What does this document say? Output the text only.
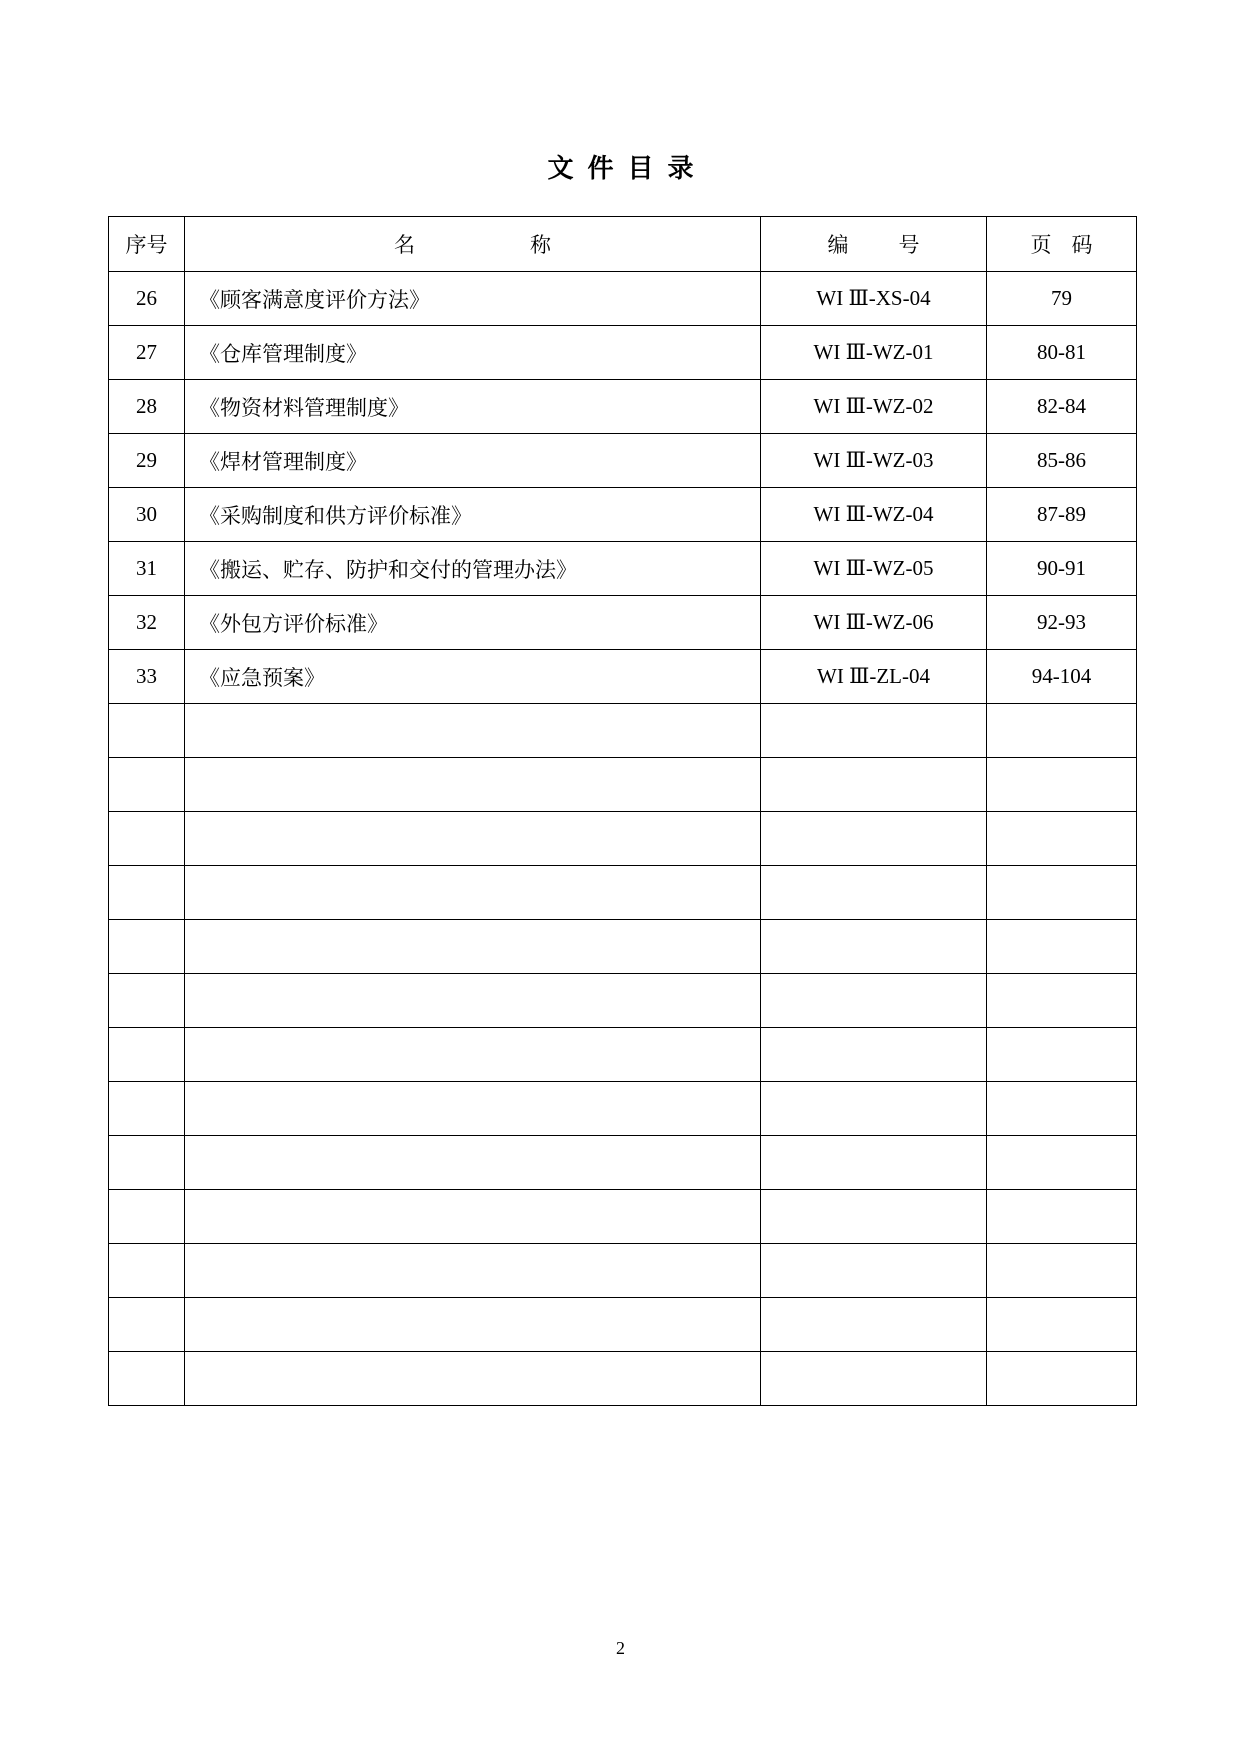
文件目录
序号	名称	编号	页码
26	《顾客满意度评价方法》	WI Ⅲ-XS-04	79
27	《仓库管理制度》	WI Ⅲ-WZ-01	80-81
28	《物资材料管理制度》	WI Ⅲ-WZ-02	82-84
29	《焊材管理制度》	WI Ⅲ-WZ-03	85-86
30	《采购制度和供方评价标准》	WI Ⅲ-WZ-04	87-89
31	《搬运、贮存、防护和交付的管理办法》	WI Ⅲ-WZ-05	90-91
32	《外包方评价标准》	WI Ⅲ-WZ-06	92-93
33	《应急预案》	WI Ⅲ-ZL-04	94-104

2
